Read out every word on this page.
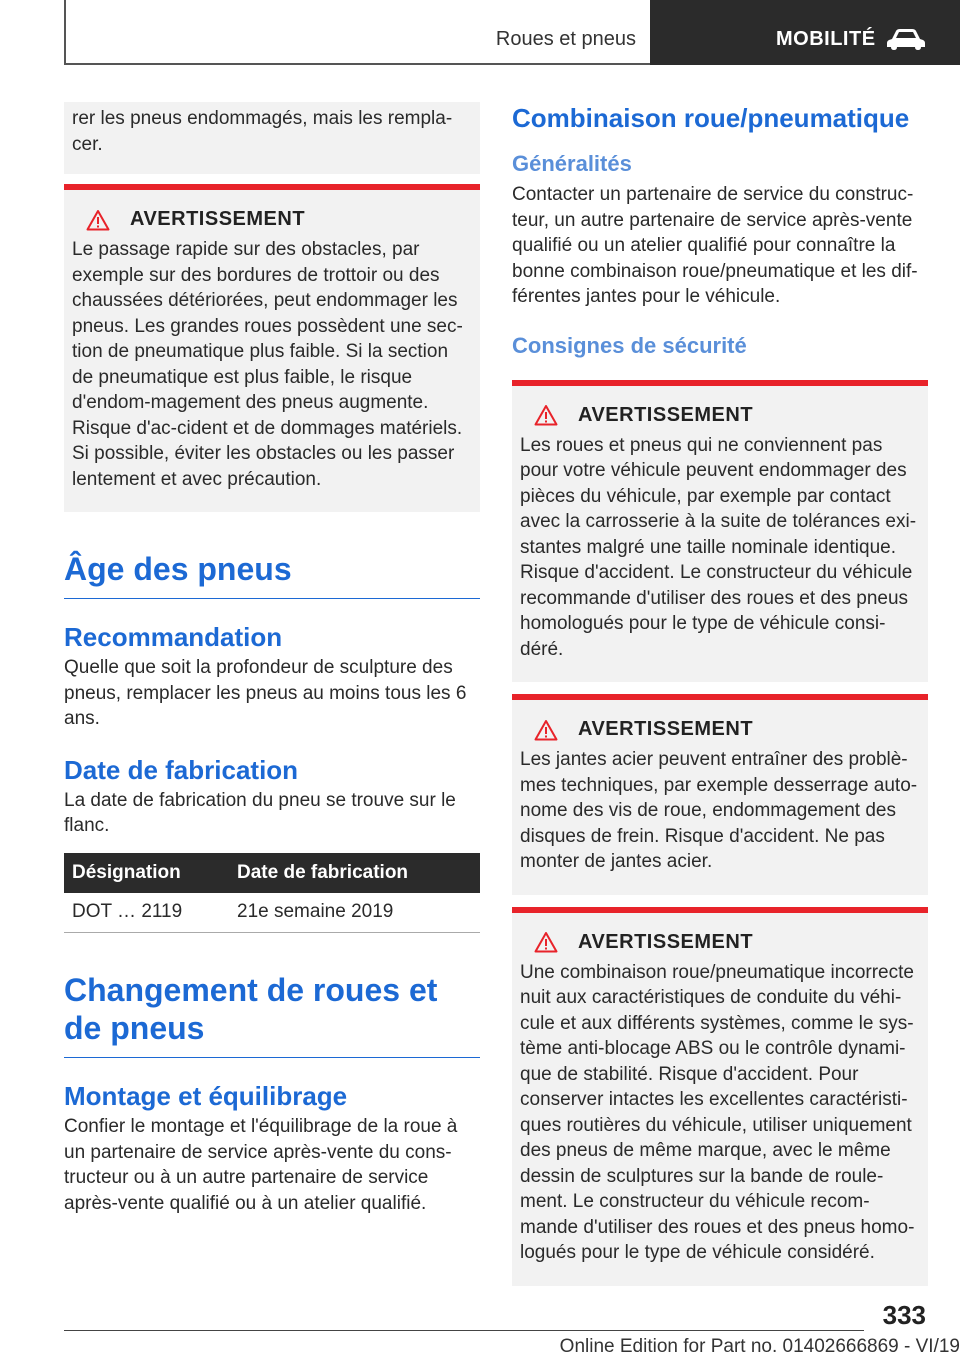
Roues et pneus	MOBILITÉ

rer les pneus endommagés, mais les rempla-cer.

AVERTISSEMENT

Le passage rapide sur des obstacles, par exemple sur des bordures de trottoir ou des chaussées détériorées, peut endommager les pneus. Les grandes roues possèdent une sec-tion de pneumatique plus faible. Si la section de pneumatique est plus faible, le risque d'endom-magement des pneus augmente. Risque d'ac-cident et de dommages matériels. Si possible, éviter les obstacles ou les passer lentement et avec précaution.

Âge des pneus
Recommandation

Quelle que soit la profondeur de sculpture des pneus, remplacer les pneus au moins tous les 6 ans.

Date de fabrication

La date de fabrication du pneu se trouve sur le flanc.

Désignation	Date de fabrication
DOT … 2119	21e semaine 2019
Changement de roues et de pneus
Montage et équilibrage

Confier le montage et l'équilibrage de la roue à un partenaire de service après-vente du cons-tructeur ou à un autre partenaire de service après-vente qualifié ou à un atelier qualifié.

Combinaison roue/pneumatique
Généralités

Contacter un partenaire de service du construc-teur, un autre partenaire de service après-vente qualifié ou un atelier qualifié pour connaître la bonne combinaison roue/pneumatique et les dif-férentes jantes pour le véhicule.

Consignes de sécurité
AVERTISSEMENT

Les roues et pneus qui ne conviennent pas pour votre véhicule peuvent endommager des pièces du véhicule, par exemple par contact avec la carrosserie à la suite de tolérances exi-stantes malgré une taille nominale identique. Risque d'accident. Le constructeur du véhicule recommande d'utiliser des roues et des pneus homologués pour le type de véhicule consi-déré.

AVERTISSEMENT

Les jantes acier peuvent entraîner des problè-mes techniques, par exemple desserrage auto-nome des vis de roue, endommagement des disques de frein. Risque d'accident. Ne pas monter de jantes acier.

AVERTISSEMENT

Une combinaison roue/pneumatique incorrecte nuit aux caractéristiques de conduite du véhi-cule et aux différents systèmes, comme le sys-tème anti-blocage ABS ou le contrôle dynami-que de stabilité. Risque d'accident. Pour conserver intactes les excellentes caractéristi-ques routières du véhicule, utiliser uniquement des pneus de même marque, avec le même dessin de sculptures sur la bande de roule-ment. Le constructeur du véhicule recom-mande d'utiliser des roues et des pneus homo-logués pour le type de véhicule considéré.

333
Online Edition for Part no. 01402666869 - VI/19
